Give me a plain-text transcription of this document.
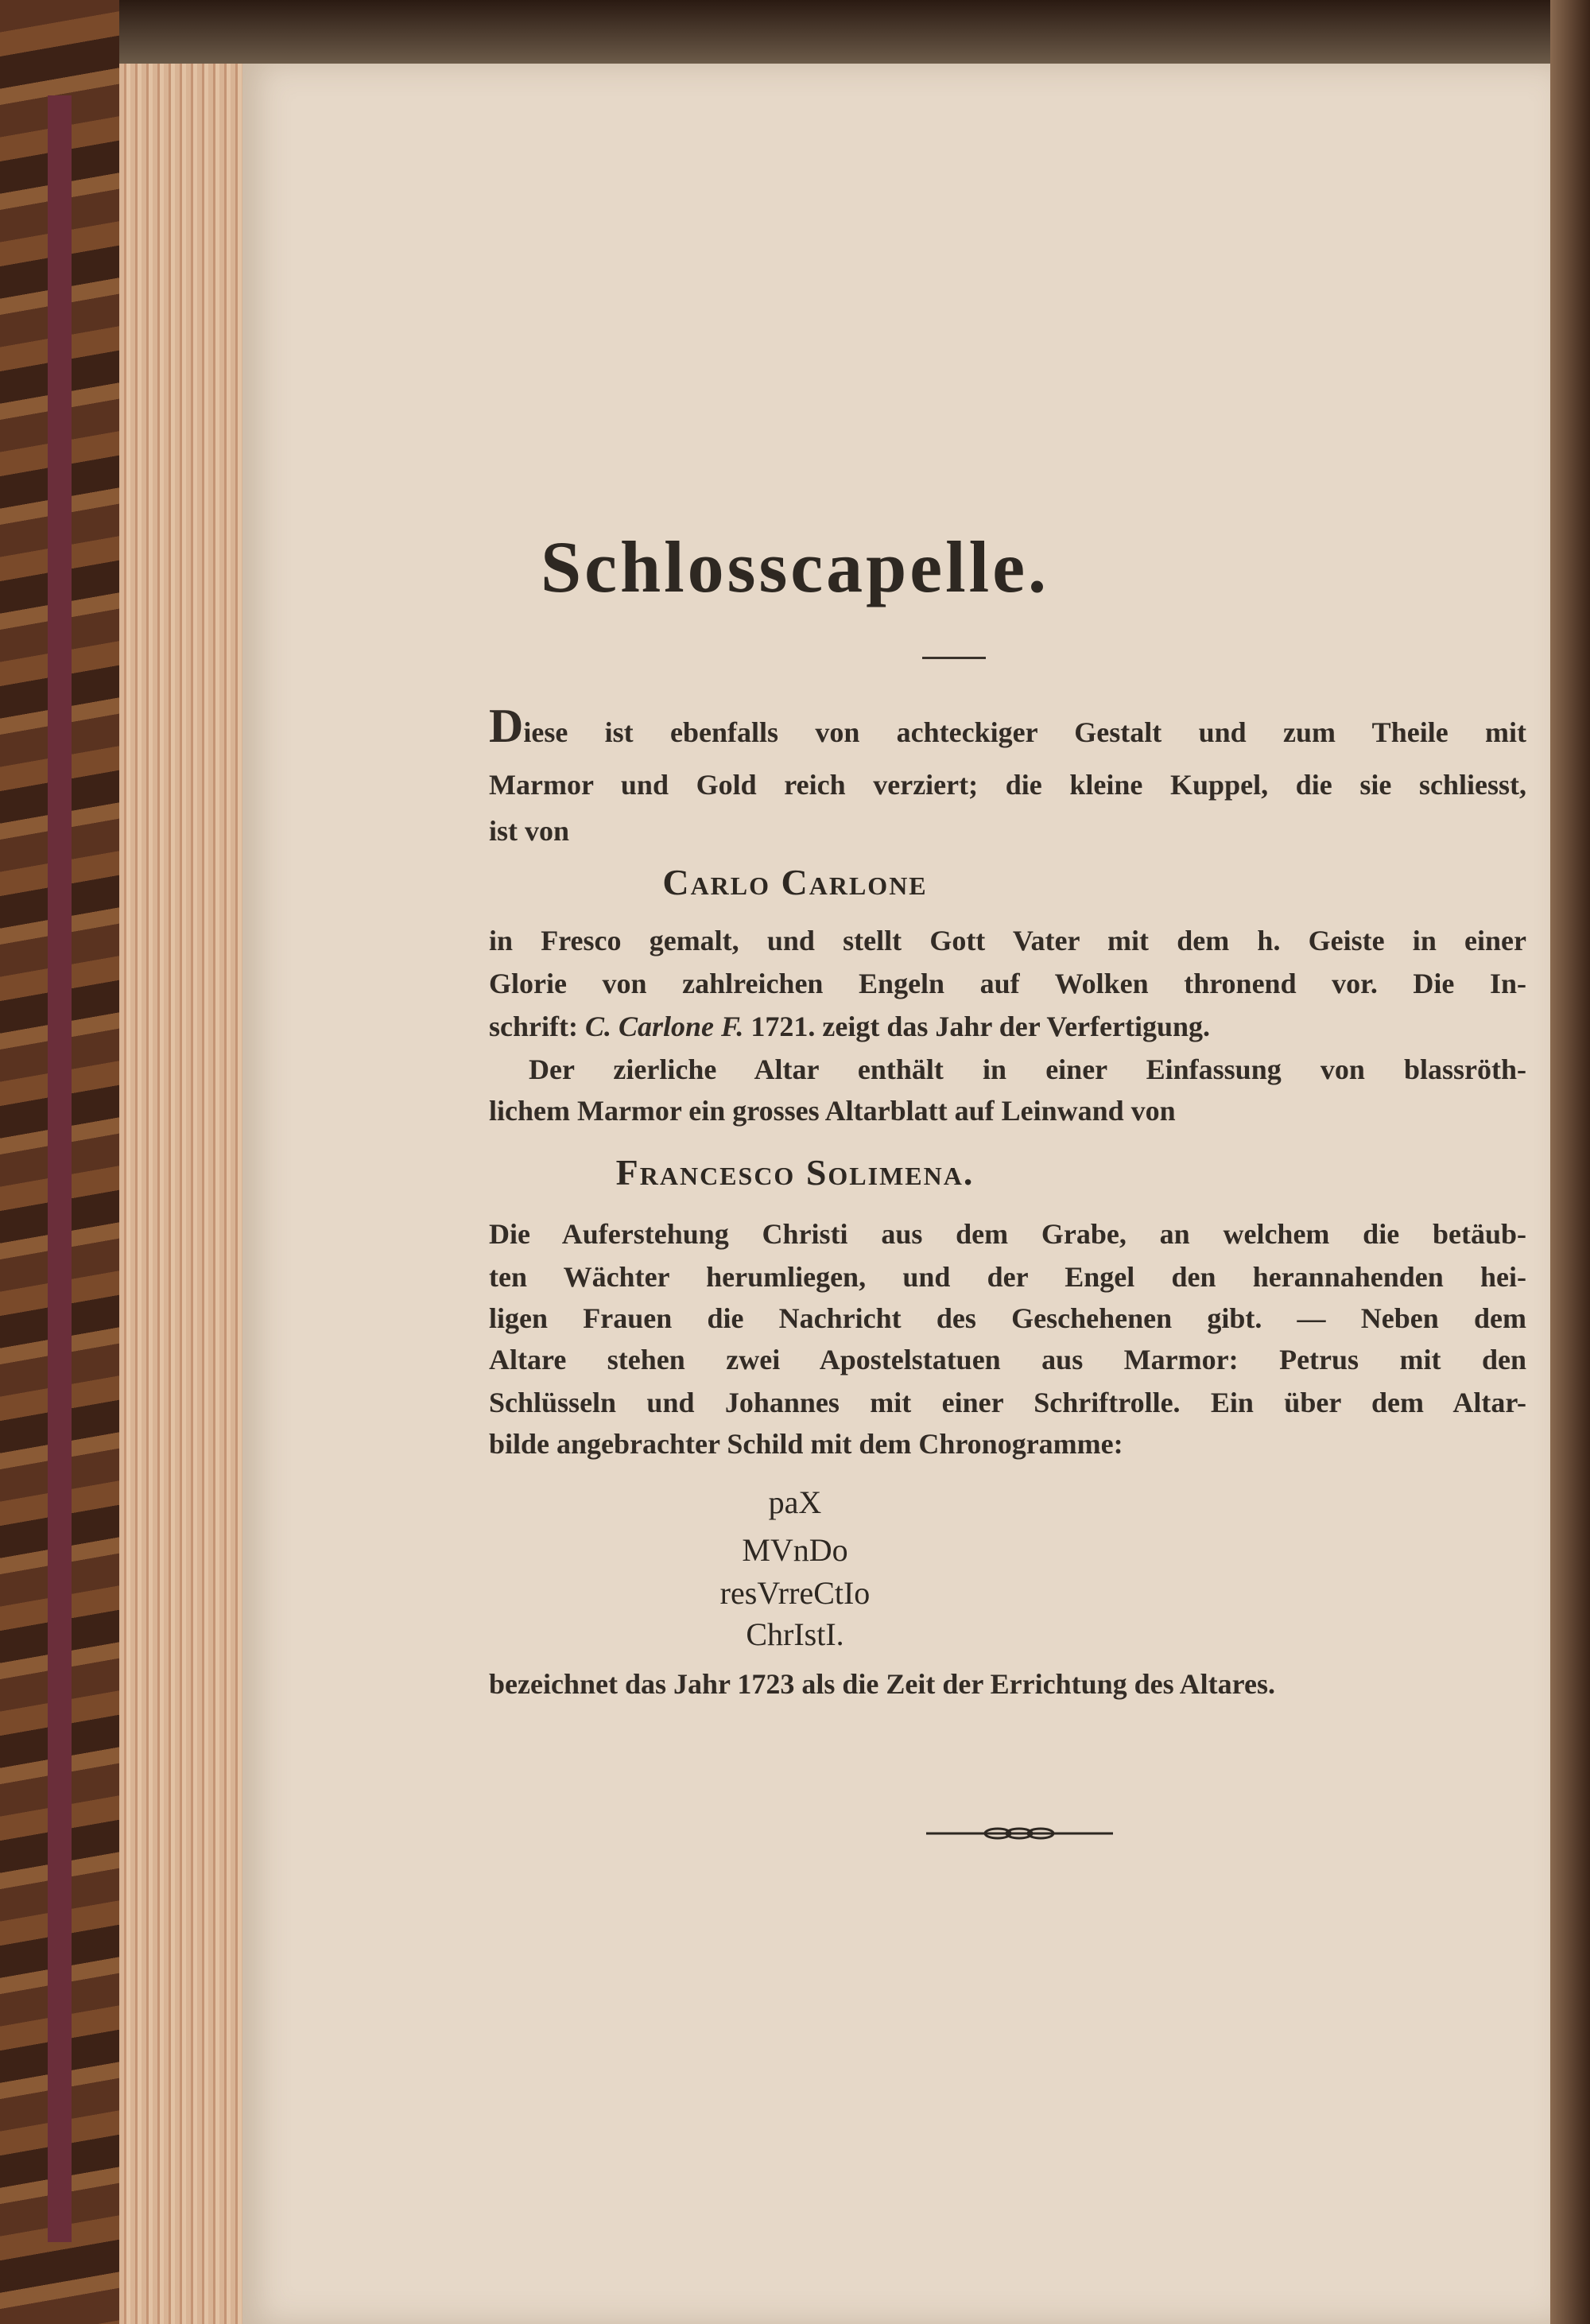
Schlosscapelle.
Diese ist ebenfalls von achteckiger Gestalt und zum Theile mit
Marmor und Gold reich verziert; die kleine Kuppel, die sie schliesst,
ist von
Carlo Carlone
in Fresco gemalt, und stellt Gott Vater mit dem h. Geiste in einer
Glorie von zahlreichen Engeln auf Wolken thronend vor. Die In-
schrift: C. Carlone F. 1721. zeigt das Jahr der Verfertigung.
Der zierliche Altar enthält in einer Einfassung von blassröth-
lichem Marmor ein grosses Altarblatt auf Leinwand von
Francesco Solimena.
Die Auferstehung Christi aus dem Grabe, an welchem die betäub-
ten Wächter herumliegen, und der Engel den herannahenden hei-
ligen Frauen die Nachricht des Geschehenen gibt. — Neben dem
Altare stehen zwei Apostelstatuen aus Marmor: Petrus mit den
Schlüsseln und Johannes mit einer Schriftrolle. Ein über dem Altar-
bilde angebrachter Schild mit dem Chronogramme:
paX
MVnDo
resVrreCtIo
ChrIstI.
bezeichnet das Jahr 1723 als die Zeit der Errichtung des Altares.
